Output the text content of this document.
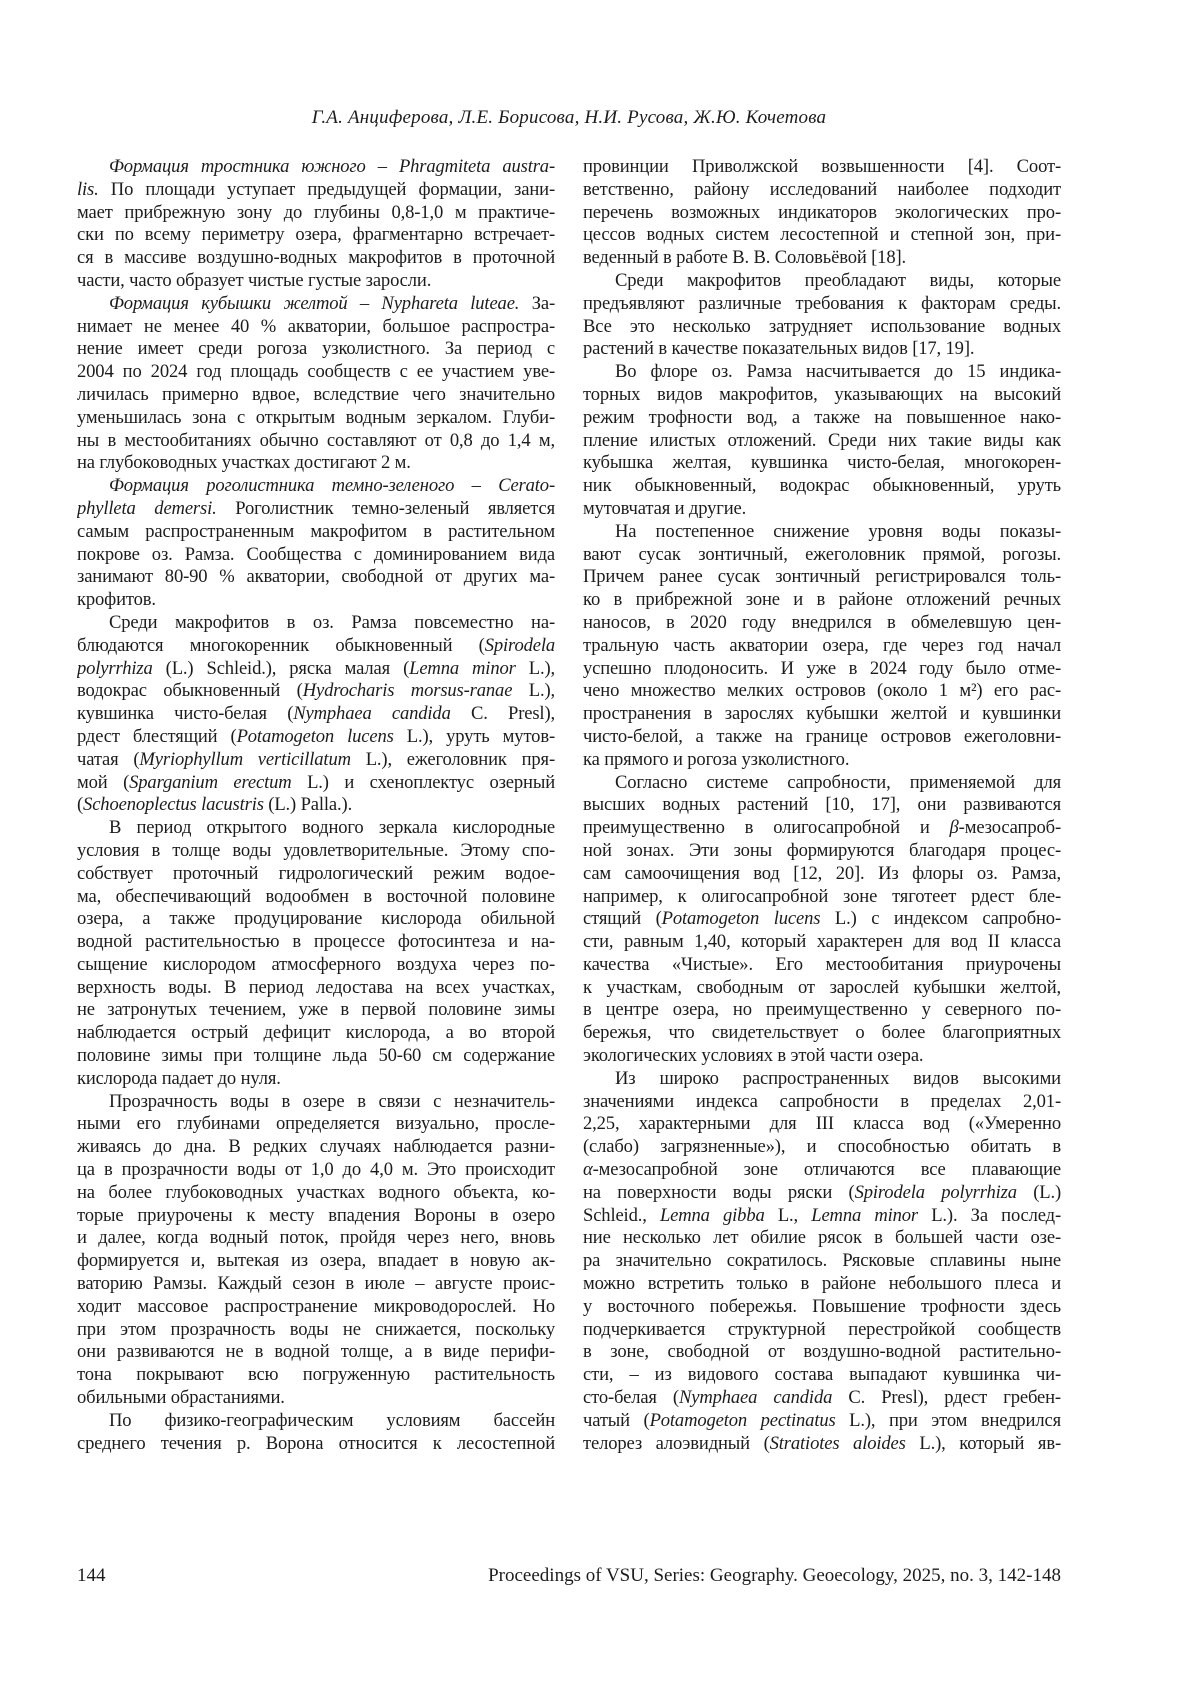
Г.А. Анциферова, Л.Е. Борисова, Н.И. Русова, Ж.Ю. Кочетова
Формация тростника южного – Phragmiteta austra-
lis. По площади уступает предыдущей формации, зани-
мает прибрежную зону до глубины 0,8-1,0 м практиче-
ски по всему периметру озера, фрагментарно встречает-
ся в массиве воздушно-водных макрофитов в проточной
части, часто образует чистые густые заросли.
Формация кубышки желтой – Nyphareta luteae. За-
нимает не менее 40 % акватории, большое распростра-
нение имеет среди рогоза узколистного. За период с
2004 по 2024 год площадь сообществ с ее участием уве-
личилась примерно вдвое, вследствие чего значительно
уменьшилась зона с открытым водным зеркалом. Глуби-
ны в местообитаниях обычно составляют от 0,8 до 1,4 м,
на глубоководных участках достигают 2 м.
Формация роголистника темно-зеленого – Cerato-
phylleta demersi. Роголистник темно-зеленый является
самым распространенным макрофитом в растительном
покрове оз. Рамза. Сообщества с доминированием вида
занимают 80-90 % акватории, свободной от других ма-
крофитов.
Среди макрофитов в оз. Рамза повсеместно на-
блюдаются многокоренник обыкновенный (Spirodela
polyrrhiza (L.) Schleid.), ряска малая (Lemna minor L.),
водокрас обыкновенный (Hydrocharis morsus-ranae L.),
кувшинка чисто-белая (Nymphaea candida C. Presl),
рдест блестящий (Potamogeton lucens L.), уруть мутов-
чатая (Myriophyllum verticillatum L.), ежеголовник пря-
мой (Sparganium erectum L.) и схеноплектус озерный
(Schoenoplectus lacustris (L.) Palla.).
В период открытого водного зеркала кислородные
условия в толще воды удовлетворительные. Этому спо-
собствует проточный гидрологический режим водое-
ма, обеспечивающий водообмен в восточной половине
озера, а также продуцирование кислорода обильной
водной растительностью в процессе фотосинтеза и на-
сыщение кислородом атмосферного воздуха через по-
верхность воды. В период ледостава на всех участках,
не затронутых течением, уже в первой половине зимы
наблюдается острый дефицит кислорода, а во второй
половине зимы при толщине льда 50-60 см содержание
кислорода падает до нуля.
Прозрачность воды в озере в связи с незначитель-
ными его глубинами определяется визуально, просле-
живаясь до дна. В редких случаях наблюдается разни-
ца в прозрачности воды от 1,0 до 4,0 м. Это происходит
на более глубоководных участках водного объекта, ко-
торые приурочены к месту впадения Вороны в озеро
и далее, когда водный поток, пройдя через него, вновь
формируется и, вытекая из озера, впадает в новую ак-
ваторию Рамзы. Каждый сезон в июле – августе проис-
ходит массовое распространение микроводорослей. Но
при этом прозрачность воды не снижается, поскольку
они развиваются не в водной толще, а в виде перифи-
тона покрывают всю погруженную растительность
обильными обрастаниями.
По физико-географическим условиям бассейн
среднего течения р. Ворона относится к лесостепной
провинции Приволжской возвышенности [4]. Соот-
ветственно, району исследований наиболее подходит
перечень возможных индикаторов экологических про-
цессов водных систем лесостепной и степной зон, при-
веденный в работе В. В. Соловьёвой [18].
Среди макрофитов преобладают виды, которые
предъявляют различные требования к факторам среды.
Все это несколько затрудняет использование водных
растений в качестве показательных видов [17, 19].
Во флоре оз. Рамза насчитывается до 15 индика-
торных видов макрофитов, указывающих на высокий
режим трофности вод, а также на повышенное нако-
пление илистых отложений. Среди них такие виды как
кубышка желтая, кувшинка чисто-белая, многокорен-
ник обыкновенный, водокрас обыкновенный, уруть
мутовчатая и другие.
На постепенное снижение уровня воды показы-
вают сусак зонтичный, ежеголовник прямой, рогозы.
Причем ранее сусак зонтичный регистрировался толь-
ко в прибрежной зоне и в районе отложений речных
наносов, в 2020 году внедрился в обмелевшую цен-
тральную часть акватории озера, где через год начал
успешно плодоносить. И уже в 2024 году было отме-
чено множество мелких островов (около 1 м²) его рас-
пространения в зарослях кубышки желтой и кувшинки
чисто-белой, а также на границе островов ежеголовни-
ка прямого и рогоза узколистного.
Согласно системе сапробности, применяемой для
высших водных растений [10, 17], они развиваются
преимущественно в олигосапробной и β-мезосапроб-
ной зонах. Эти зоны формируются благодаря процес-
сам самоочищения вод [12, 20]. Из флоры оз. Рамза,
например, к олигосапробной зоне тяготеет рдест бле-
стящий (Potamogeton lucens L.) с индексом сапробно-
сти, равным 1,40, который характерен для вод II класса
качества «Чистые». Его местообитания приурочены
к участкам, свободным от зарослей кубышки желтой,
в центре озера, но преимущественно у северного по-
бережья, что свидетельствует о более благоприятных
экологических условиях в этой части озера.
Из широко распространенных видов высокими
значениями индекса сапробности в пределах 2,01-
2,25, характерными для III класса вод («Умеренно
(слабо) загрязненные»), и способностью обитать в
α-мезосапробной зоне отличаются все плавающие
на поверхности воды ряски (Spirodela polyrrhiza (L.)
Schleid., Lemna gibba L., Lemna minor L.). За послед-
ние несколько лет обилие рясок в большей части озе-
ра значительно сократилось. Рясковые сплавины ныне
можно встретить только в районе небольшого плеса и
у восточного побережья. Повышение трофности здесь
подчеркивается структурной перестройкой сообществ
в зоне, свободной от воздушно-водной растительно-
сти, – из видового состава выпадают кувшинка чи-
сто-белая (Nymphaea candida C. Presl), рдест гребен-
чатый (Potamogeton pectinatus L.), при этом внедрился
телорез алоэвидный (Stratiotes aloides L.), который яв-
144	Proceedings of VSU, Series: Geography. Geoecology, 2025, no. 3, 142-148
